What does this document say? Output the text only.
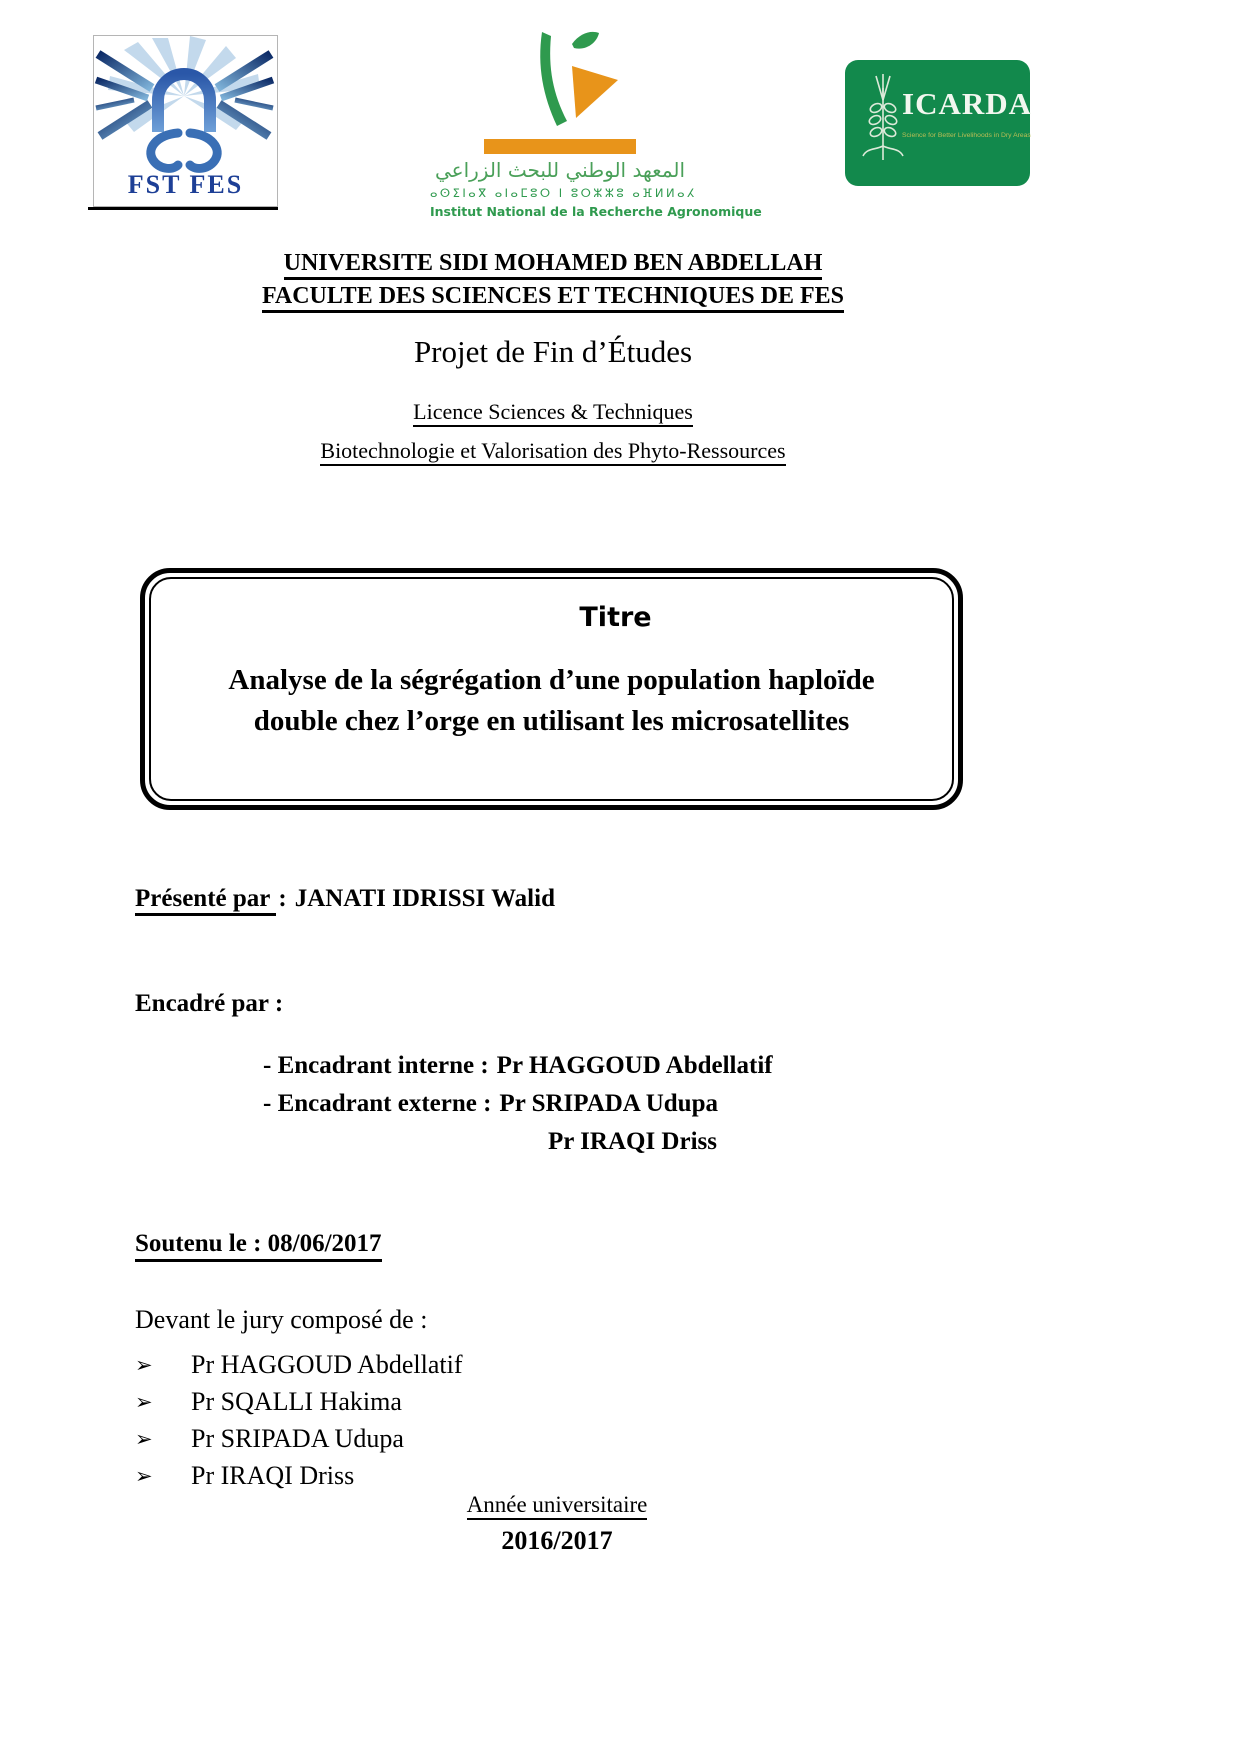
FST FES	المعهد الوطني للبحث الزراعي
ⴰⵙⵉⵏⴰⴳ ⴰⵏⴰⵎⵓⵔ ⵏ ⵓⵔⵣⵣⵓ ⴰⴼⵍⵍⴰⵃ
Institut National de la Recherche Agronomique
ICARDA
Science for Better Livelihoods in Dry Areas
UNIVERSITE SIDI MOHAMED BEN ABDELLAH
FACULTE DES SCIENCES ET TECHNIQUES DE FES
Projet de Fin d’Études
Licence Sciences & Techniques
Biotechnologie et Valorisation des Phyto-Ressources
Titre
Analyse de la ségrégation d’une population haploïde
double chez l’orge en utilisant les microsatellites
Présenté par : JANATI IDRISSI Walid
Encadré par :
- Encadrant interne : Pr HAGGOUD Abdellatif
- Encadrant externe : Pr SRIPADA Udupa
Pr IRAQI Driss
Soutenu le : 08/06/2017
Devant le jury composé de :
➢ Pr HAGGOUD Abdellatif
➢ Pr SQALLI Hakima
➢ Pr SRIPADA Udupa
➢ Pr IRAQI Driss
Année universitaire
2016/2017
